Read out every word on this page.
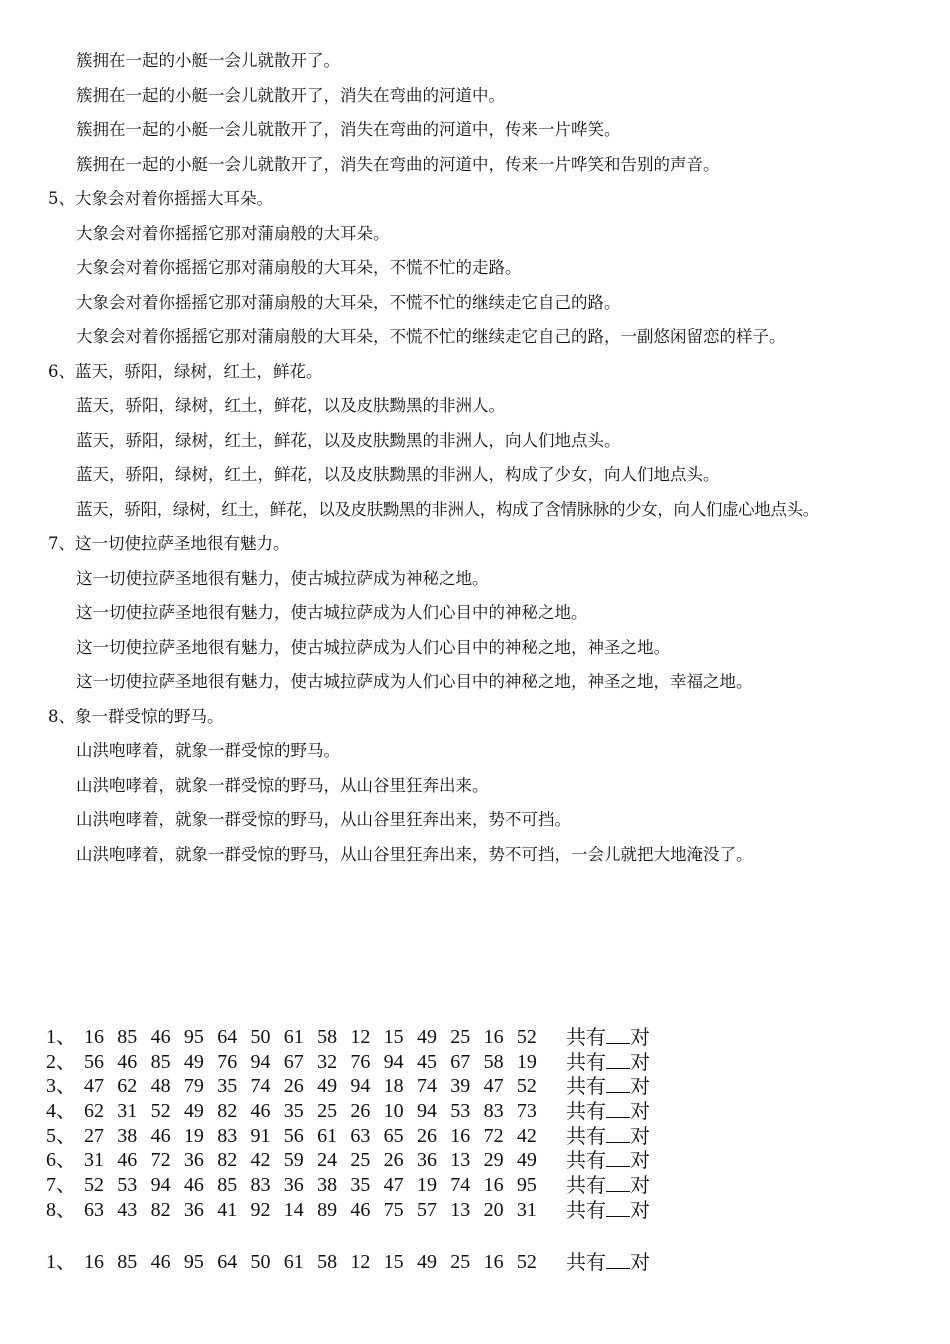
簇拥在一起的小艇一会儿就散开了。
簇拥在一起的小艇一会儿就散开了，消失在弯曲的河道中。
簇拥在一起的小艇一会儿就散开了，消失在弯曲的河道中，传来一片哗笑。
簇拥在一起的小艇一会儿就散开了，消失在弯曲的河道中，传来一片哗笑和告别的声音。
5、大象会对着你摇摇大耳朵。
大象会对着你摇摇它那对蒲扇般的大耳朵。
大象会对着你摇摇它那对蒲扇般的大耳朵，不慌不忙的走路。
大象会对着你摇摇它那对蒲扇般的大耳朵，不慌不忙的继续走它自己的路。
大象会对着你摇摇它那对蒲扇般的大耳朵，不慌不忙的继续走它自己的路，一副悠闲留恋的样子。
6、蓝天，骄阳，绿树，红土，鲜花。
蓝天，骄阳，绿树，红土，鲜花，以及皮肤黝黑的非洲人。
蓝天，骄阳，绿树，红土，鲜花，以及皮肤黝黑的非洲人，向人们地点头。
蓝天，骄阳，绿树，红土，鲜花，以及皮肤黝黑的非洲人，构成了少女，向人们地点头。
蓝天，骄阳，绿树，红土，鲜花，以及皮肤黝黑的非洲人，构成了含情脉脉的少女，向人们虚心地点头。
7、这一切使拉萨圣地很有魅力。
这一切使拉萨圣地很有魅力，使古城拉萨成为神秘之地。
这一切使拉萨圣地很有魅力，使古城拉萨成为人们心目中的神秘之地。
这一切使拉萨圣地很有魅力，使古城拉萨成为人们心目中的神秘之地，神圣之地。
这一切使拉萨圣地很有魅力，使古城拉萨成为人们心目中的神秘之地，神圣之地，幸福之地。
8、象一群受惊的野马。
山洪咆哮着，就象一群受惊的野马。
山洪咆哮着，就象一群受惊的野马，从山谷里狂奔出来。
山洪咆哮着，就象一群受惊的野马，从山谷里狂奔出来，势不可挡。
山洪咆哮着，就象一群受惊的野马，从山谷里狂奔出来，势不可挡，一会儿就把大地淹没了。
1、 16 85 46 95 64 50 61 58 12 15 49 25 16 52 共有 对
2、 56 46 85 49 76 94 67 32 76 94 45 67 58 19 共有 对
3、 47 62 48 79 35 74 26 49 94 18 74 39 47 52 共有 对
4、 62 31 52 49 82 46 35 25 26 10 94 53 83 73 共有 对
5、 27 38 46 19 83 91 56 61 63 65 26 16 72 42 共有 对
6、 31 46 72 36 82 42 59 24 25 26 36 13 29 49 共有 对
7、 52 53 94 46 85 83 36 38 35 47 19 74 16 95 共有 对
8、 63 43 82 36 41 92 14 89 46 75 57 13 20 31 共有 对
1、 16 85 46 95 64 50 61 58 12 15 49 25 16 52 共有 对
